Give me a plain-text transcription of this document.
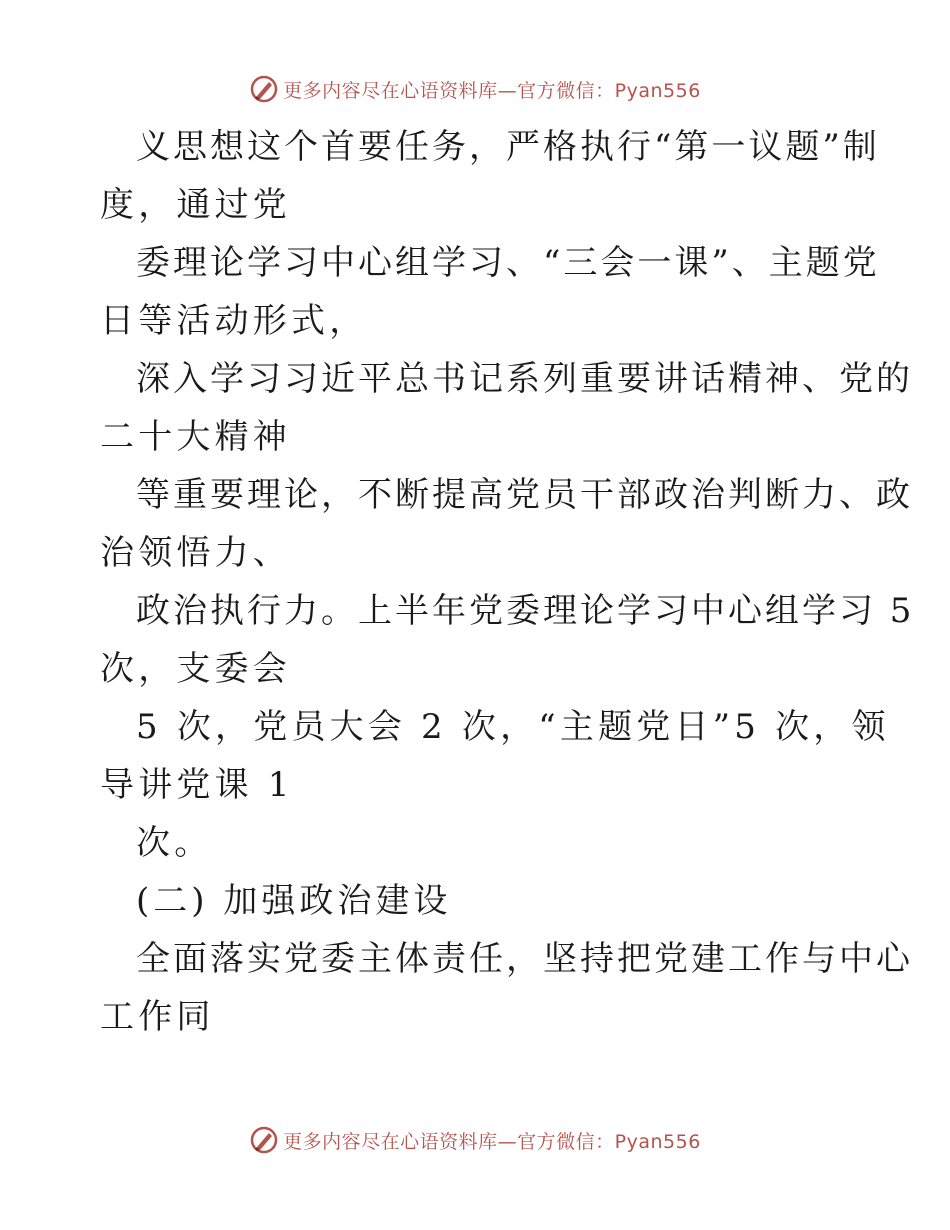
更多内容尽在心语资料库—官方微信：Pyan556

义思想这个首要任务，严格执行“第一议题”制

度，通过党

委理论学习中心组学习、“三会一课”、主题党

日等活动形式，

深入学习习近平总书记系列重要讲话精神、党的

二十大精神

等重要理论，不断提高党员干部政治判断力、政

治领悟力、

政治执行力。上半年党委理论学习中心组学习 5

次，支委会

5 次，党员大会 2 次，“主题党日”5 次，领

导讲党课 1

次。

(二) 加强政治建设

全面落实党委主体责任，坚持把党建工作与中心

工作同

更多内容尽在心语资料库—官方微信：Pyan556
